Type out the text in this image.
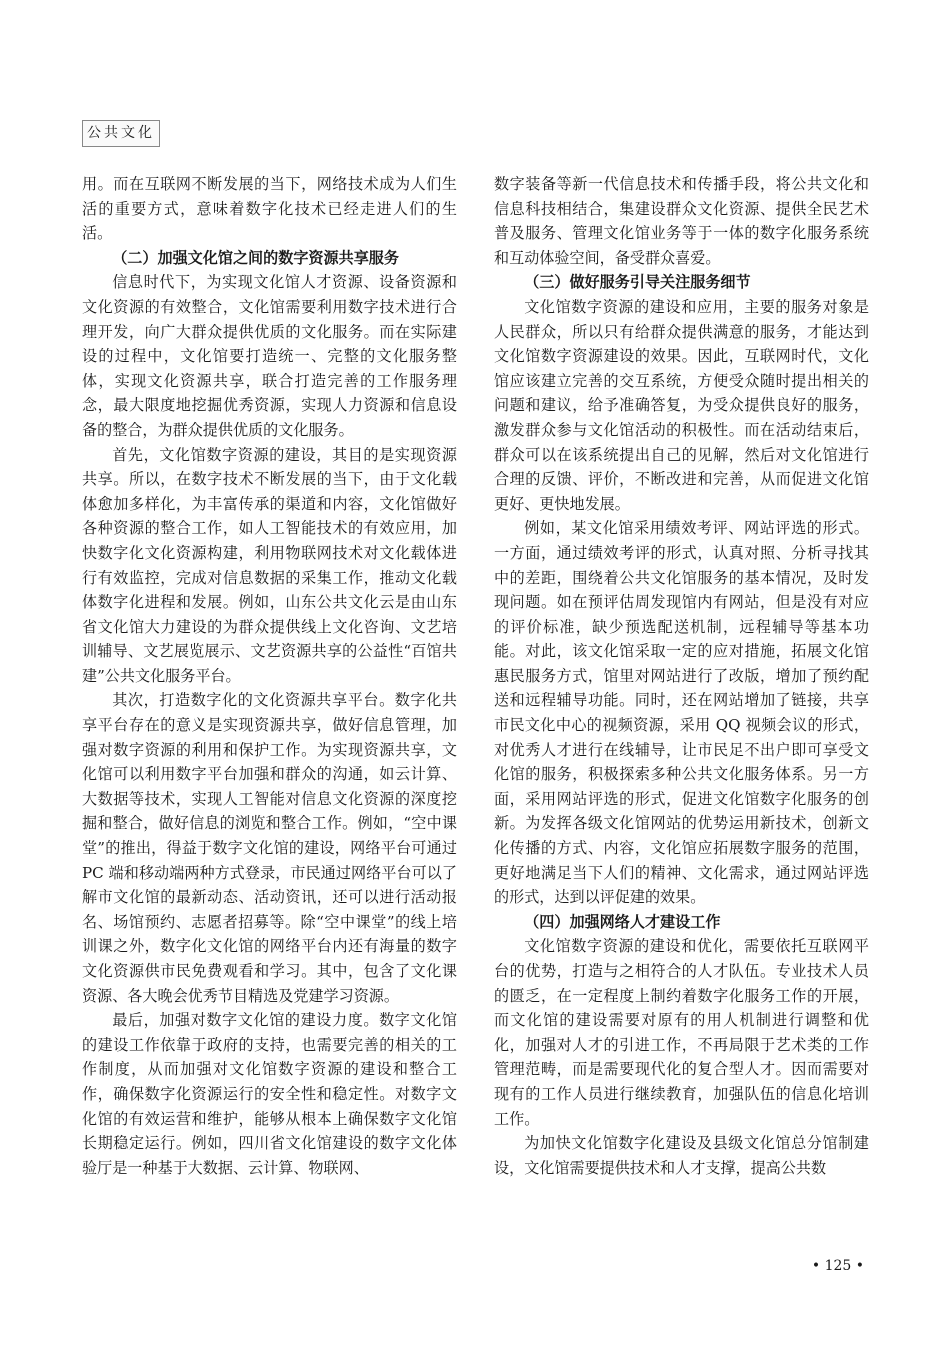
公共文化

用。而在互联网不断发展的当下，网络技术成为人们生活的重要方式，意味着数字化技术已经走进人们的生活。

（二）加强文化馆之间的数字资源共享服务

信息时代下，为实现文化馆人才资源、设备资源和文化资源的有效整合，文化馆需要利用数字技术进行合理开发，向广大群众提供优质的文化服务。而在实际建设的过程中，文化馆要打造统一、完整的文化服务整体，实现文化资源共享，联合打造完善的工作服务理念，最大限度地挖掘优秀资源，实现人力资源和信息设备的整合，为群众提供优质的文化服务。

首先，文化馆数字资源的建设，其目的是实现资源共享。所以，在数字技术不断发展的当下，由于文化载体愈加多样化，为丰富传承的渠道和内容，文化馆做好各种资源的整合工作，如人工智能技术的有效应用，加快数字化文化资源构建，利用物联网技术对文化载体进行有效监控，完成对信息数据的采集工作，推动文化载体数字化进程和发展。例如，山东公共文化云是由山东省文化馆大力建设的为群众提供线上文化咨询、文艺培训辅导、文艺展览展示、文艺资源共享的公益性“百馆共建”公共文化服务平台。

其次，打造数字化的文化资源共享平台。数字化共享平台存在的意义是实现资源共享，做好信息管理，加强对数字资源的利用和保护工作。为实现资源共享，文化馆可以利用数字平台加强和群众的沟通，如云计算、大数据等技术，实现人工智能对信息文化资源的深度挖掘和整合，做好信息的浏览和整合工作。例如，“空中课堂”的推出，得益于数字文化馆的建设，网络平台可通过 PC 端和移动端两种方式登录，市民通过网络平台可以了解市文化馆的最新动态、活动资讯，还可以进行活动报名、场馆预约、志愿者招募等。除“空中课堂”的线上培训课之外，数字化文化馆的网络平台内还有海量的数字文化资源供市民免费观看和学习。其中，包含了文化课资源、各大晚会优秀节目精选及党建学习资源。

最后，加强对数字文化馆的建设力度。数字文化馆的建设工作依靠于政府的支持，也需要完善的相关的工作制度，从而加强对文化馆数字资源的建设和整合工作，确保数字化资源运行的安全性和稳定性。对数字文化馆的有效运营和维护，能够从根本上确保数字文化馆长期稳定运行。例如，四川省文化馆建设的数字文化体验厅是一种基于大数据、云计算、物联网、

数字装备等新一代信息技术和传播手段，将公共文化和信息科技相结合，集建设群众文化资源、提供全民艺术普及服务、管理文化馆业务等于一体的数字化服务系统和互动体验空间，备受群众喜爱。

（三）做好服务引导关注服务细节

文化馆数字资源的建设和应用，主要的服务对象是人民群众，所以只有给群众提供满意的服务，才能达到文化馆数字资源建设的效果。因此，互联网时代，文化馆应该建立完善的交互系统，方便受众随时提出相关的问题和建议，给予准确答复，为受众提供良好的服务，激发群众参与文化馆活动的积极性。而在活动结束后，群众可以在该系统提出自己的见解，然后对文化馆进行合理的反馈、评价，不断改进和完善，从而促进文化馆更好、更快地发展。

例如，某文化馆采用绩效考评、网站评选的形式。一方面，通过绩效考评的形式，认真对照、分析寻找其中的差距，围绕着公共文化馆服务的基本情况，及时发现问题。如在预评估周发现馆内有网站，但是没有对应的评价标准，缺少预选配送机制，远程辅导等基本功能。对此，该文化馆采取一定的应对措施，拓展文化馆惠民服务方式，馆里对网站进行了改版，增加了预约配送和远程辅导功能。同时，还在网站增加了链接，共享市民文化中心的视频资源，采用 QQ 视频会议的形式，对优秀人才进行在线辅导，让市民足不出户即可享受文化馆的服务，积极探索多种公共文化服务体系。另一方面，采用网站评选的形式，促进文化馆数字化服务的创新。为发挥各级文化馆网站的优势运用新技术，创新文化传播的方式、内容，文化馆应拓展数字服务的范围，更好地满足当下人们的精神、文化需求，通过网站评选的形式，达到以评促建的效果。

（四）加强网络人才建设工作

文化馆数字资源的建设和优化，需要依托互联网平台的优势，打造与之相符合的人才队伍。专业技术人员的匮乏，在一定程度上制约着数字化服务工作的开展，而文化馆的建设需要对原有的用人机制进行调整和优化，加强对人才的引进工作，不再局限于艺术类的工作管理范畴，而是需要现代化的复合型人才。因而需要对现有的工作人员进行继续教育，加强队伍的信息化培训工作。

为加快文化馆数字化建设及县级文化馆总分馆制建设，文化馆需要提供技术和人才支撑，提高公共数

• 125 •
